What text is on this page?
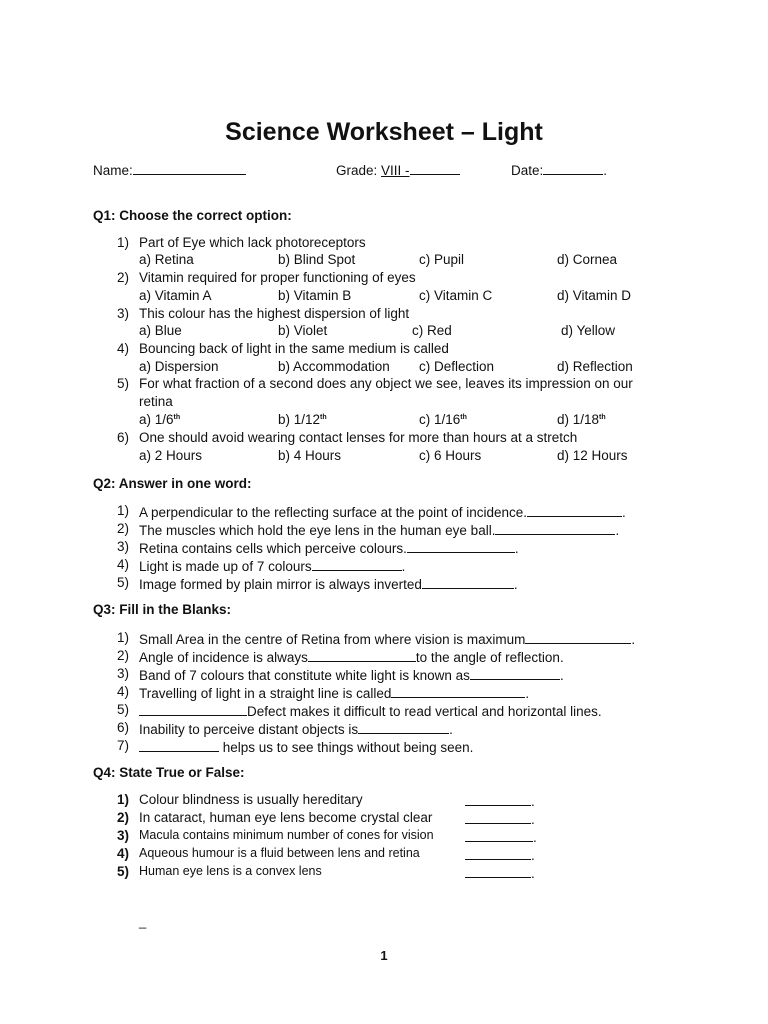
Science Worksheet – Light
Name:	Grade: VIII -	Date:	.
Q1: Choose the correct option:
1) Part of Eye which lack photoreceptors
a) Retina	b) Blind Spot	c) Pupil	d) Cornea
2) Vitamin required for proper functioning of eyes
a) Vitamin A	b) Vitamin B	c) Vitamin C	d) Vitamin D
3) This colour has the highest dispersion of light
a) Blue	b) Violet	c) Red	d) Yellow
4) Bouncing back of light in the same medium is called
a) Dispersion	b) Accommodation c) Deflection	d) Reflection
5) For what fraction of a second does any object we see, leaves its impression on our
retina
a) 1/6th	b) 1/12th	c) 1/16th	d) 1/18th
6) One should avoid wearing contact lenses for more than hours at a stretch
a) 2 Hours	b) 4 Hours	c) 6 Hours	d) 12 Hours
Q2: Answer in one word:
1) A perpendicular to the reflecting surface at the point of incidence.	.
2) The muscles which hold the eye lens in the human eye ball.	.
3) Retina contains cells which perceive colours.	.
4) Light is made up of 7 colours	.
5) Image formed by plain mirror is always inverted	.
Q3: Fill in the Blanks:
1) Small Area in the centre of Retina from where vision is maximum	.
2) Angle of incidence is always	to the angle of reflection.
3) Band of 7 colours that constitute white light is known as	.
4) Travelling of light in a straight line is called	.
5)	Defect makes it difficult to read vertical and horizontal lines.
6) Inability to perceive distant objects is	.
7)	helps us to see things without being seen.
Q4: State True or False:
1) Colour blindness is usually hereditary	.
2) In cataract, human eye lens become crystal clear	.
3) Macula contains minimum number of cones for vision	.
4) Aqueous humour is a fluid between lens and retina	.
5) Human eye lens is a convex lens	.
_
1
